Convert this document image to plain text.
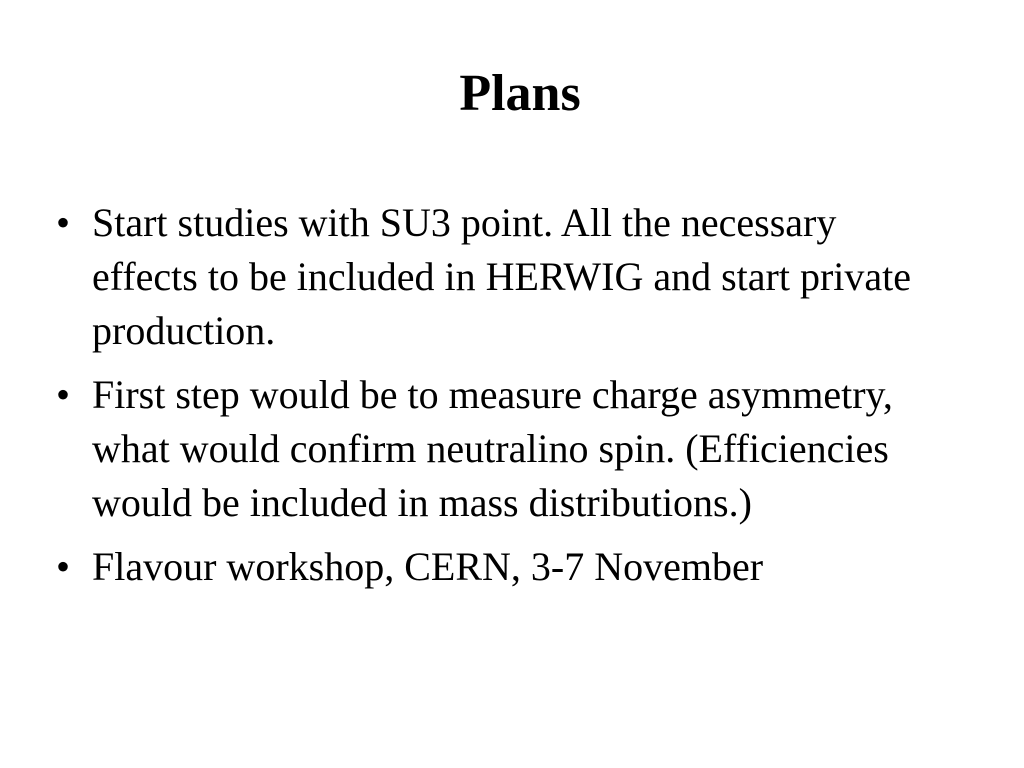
Plans
• Start studies with SU3 point. All the necessary effects to be included in HERWIG and start private production.
• First step would be to measure charge asymmetry, what would confirm neutralino spin. (Efficiencies would be included in mass distributions.)
• Flavour workshop, CERN, 3-7 November
